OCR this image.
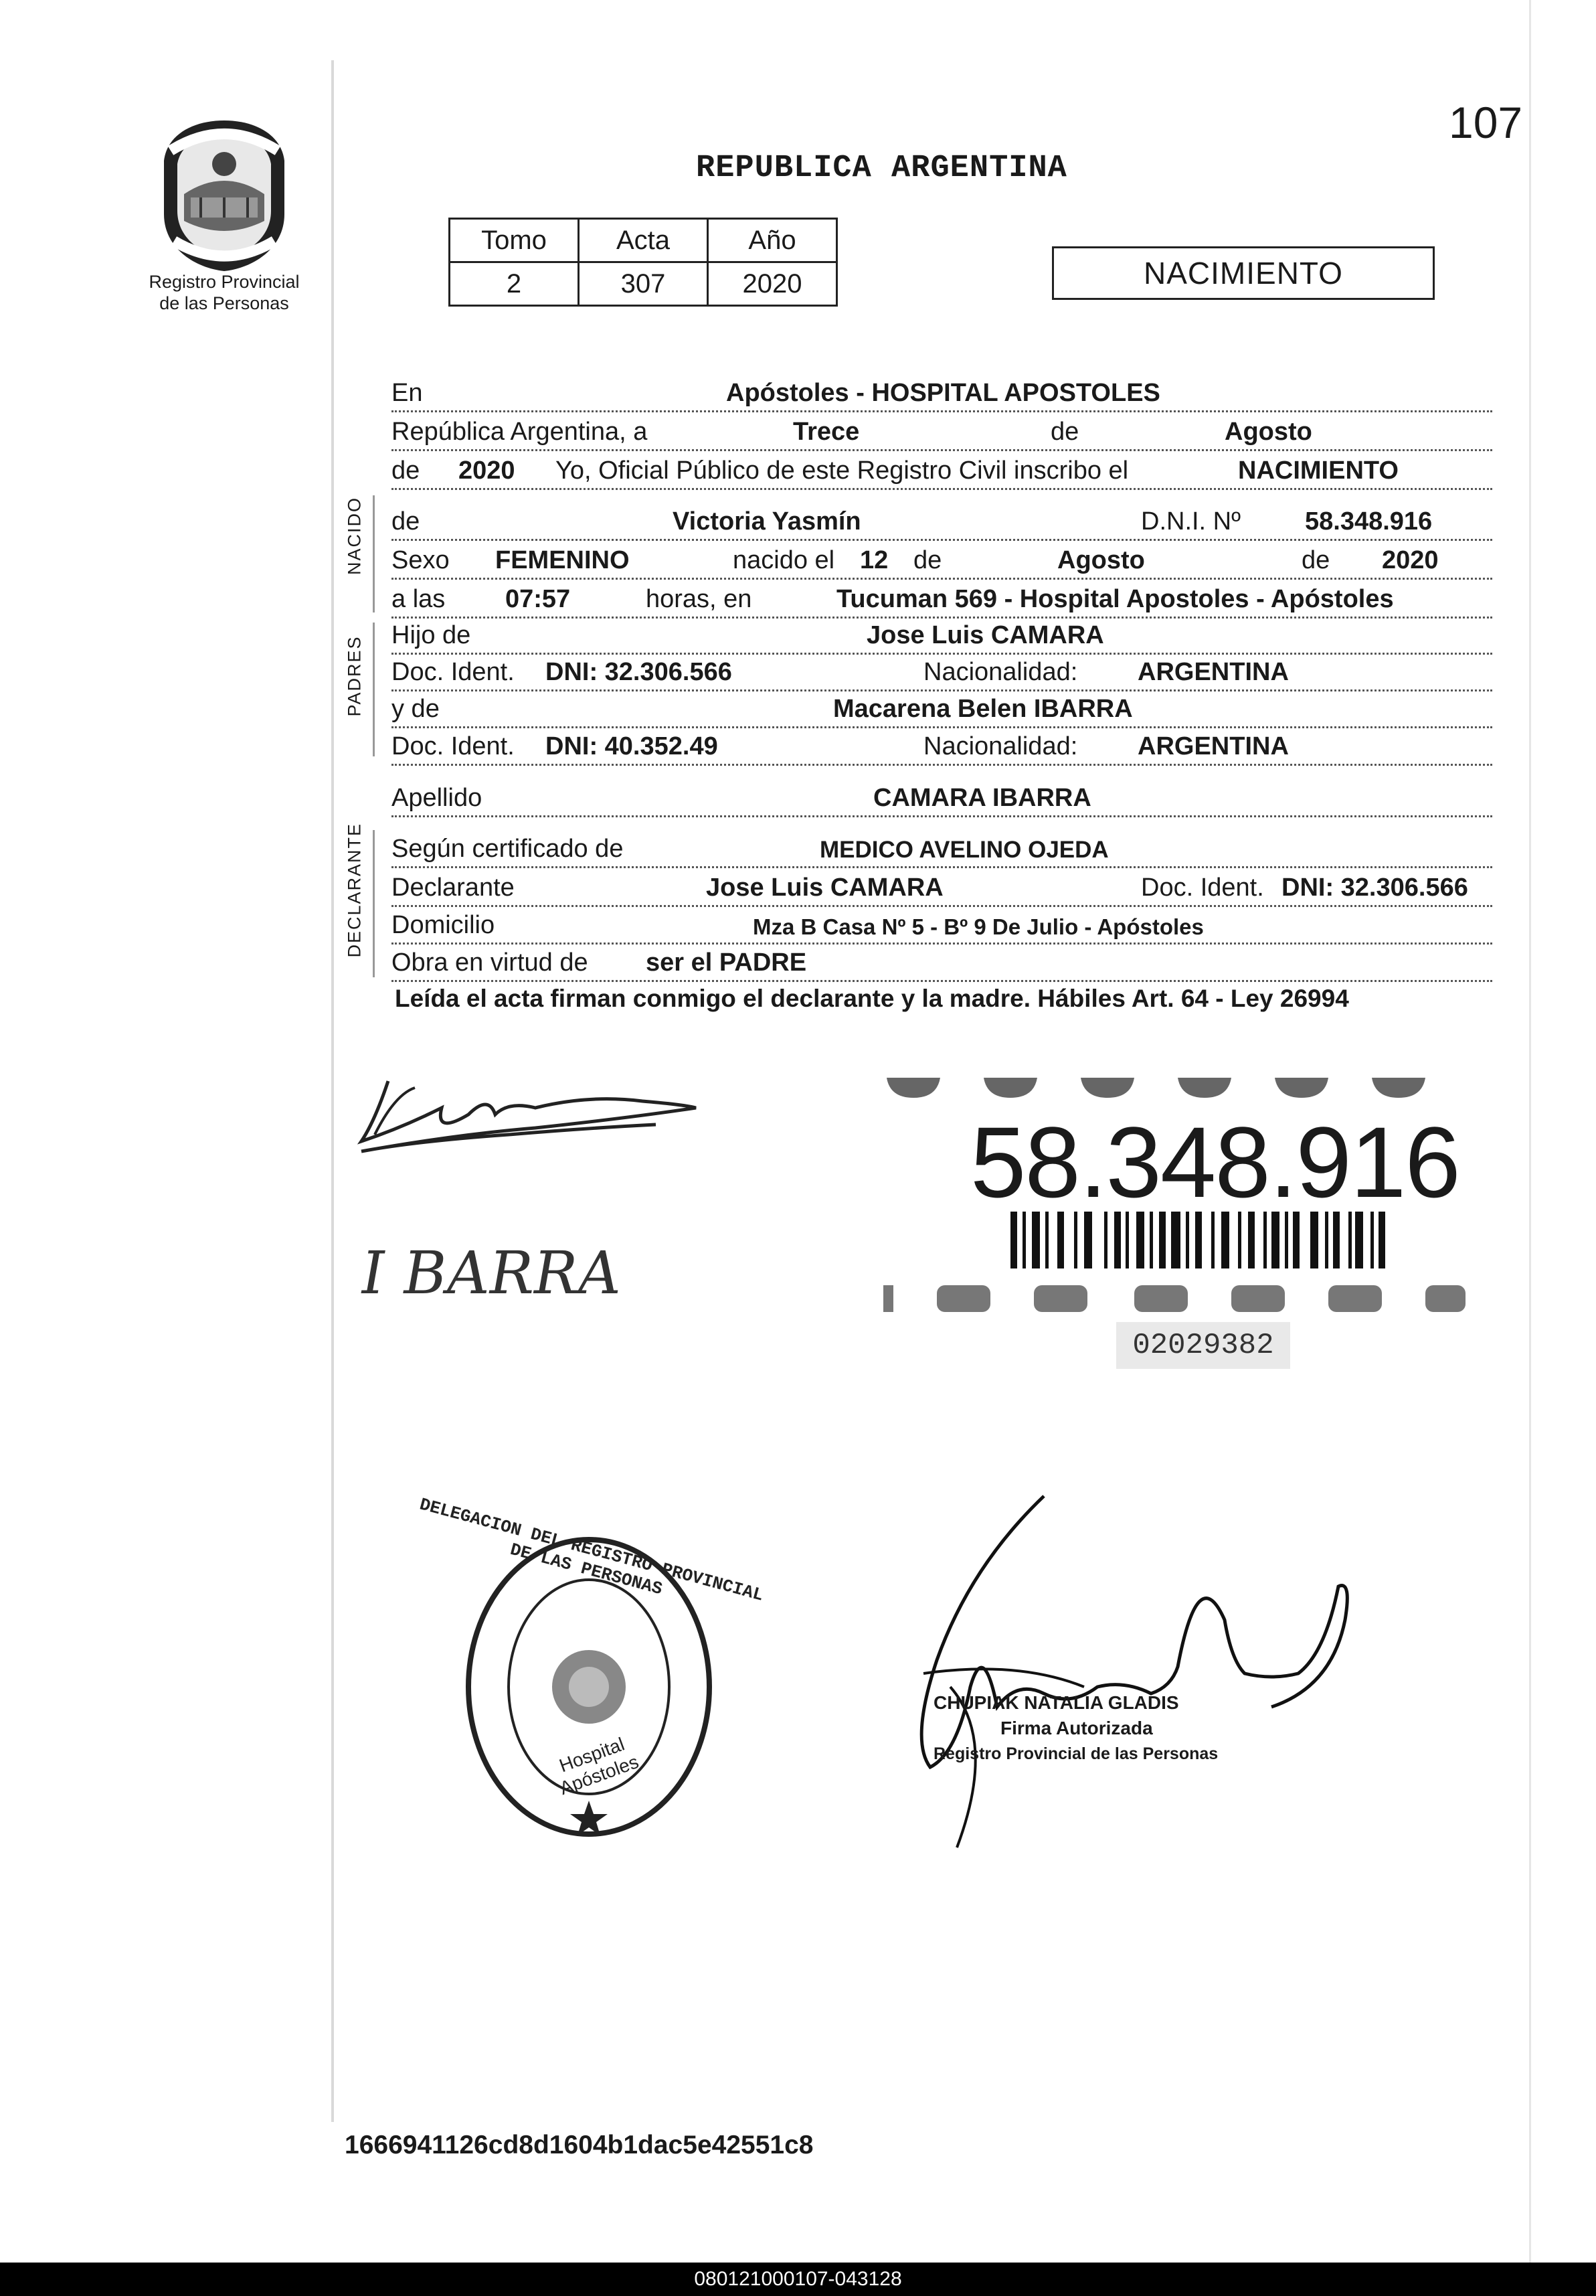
Registro Provincial
de las Personas
107
REPUBLICA ARGENTINA
Tomo	Acta	Año
2	307	2020	NACIMIENTO
En	Apóstoles - HOSPITAL APOSTOLES
República Argentina, a	Trece	de	Agosto
de 2020 Yo, Oficial Público de este Registro Civil inscribo el	NACIMIENTO
de	Victoria Yasmín	D.N.I. Nº	58.348.916
Sexo FEMENINO	nacido el 12 de	Agosto	de 2020
a las 07:57	horas, en	Tucuman 569 - Hospital Apostoles - Apóstoles
Hijo de	Jose Luis CAMARA
Doc. Ident. DNI: 32.306.566	Nacionalidad: ARGENTINA
y de	Macarena Belen IBARRA
Doc. Ident. DNI: 40.352.49	Nacionalidad: ARGENTINA
Apellido	CAMARA IBARRA
Según certificado de	MEDICO AVELINO OJEDA
Declarante	Jose Luis CAMARA	Doc. Ident. DNI: 32.306.566
Domicilio	Mza B Casa Nº 5 - Bº 9 De Julio - Apóstoles
Obra en virtud de ser el PADRE
NACIDO
PADRES
DECLARANTE
Leída el acta firman conmigo el declarante y la madre. Hábiles Art. 64 - Ley 26994
I BARRA
58.348.916
02029382
DELEGACION DEL REGISTRO PROVINCIAL DE LAS PERSONAS
Hospital Apóstoles
CHUPIAK NATALIA GLADIS
Firma Autorizada
Registro Provincial de las Personas
1666941126cd8d1604b1dac5e42551c8
080121000107-043128
